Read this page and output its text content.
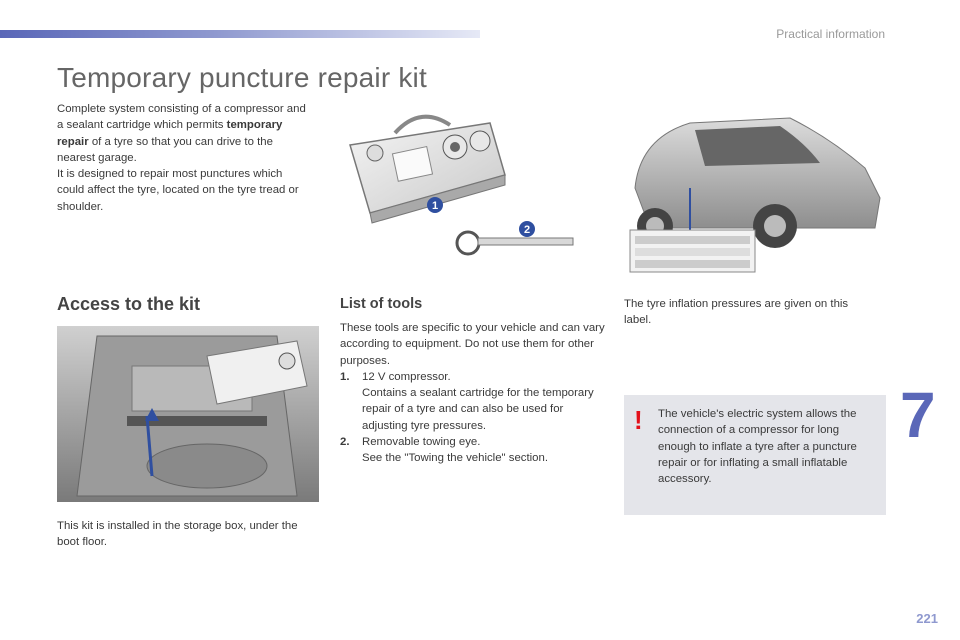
Practical information
Temporary puncture repair kit
Complete system consisting of a compressor and a sealant cartridge which permits temporary repair of a tyre so that you can drive to the nearest garage.
It is designed to repair most punctures which could affect the tyre, located on the tyre tread or shoulder.	1
2
Access to the kit
This kit is installed in the storage box, under the boot floor.
List of tools
These tools are specific to your vehicle and can vary according to equipment. Do not use them for other purposes.
1. 12 V compressor.
Contains a sealant cartridge for the temporary repair of a tyre and can also be used for adjusting tyre pressures.
2. Removable towing eye.
See the "Towing the vehicle" section.
The tyre inflation pressures are given on this label.
! The vehicle's electric system allows the connection of a compressor for long enough to inflate a tyre after a puncture repair or for inflating a small inflatable accessory.
7
221
